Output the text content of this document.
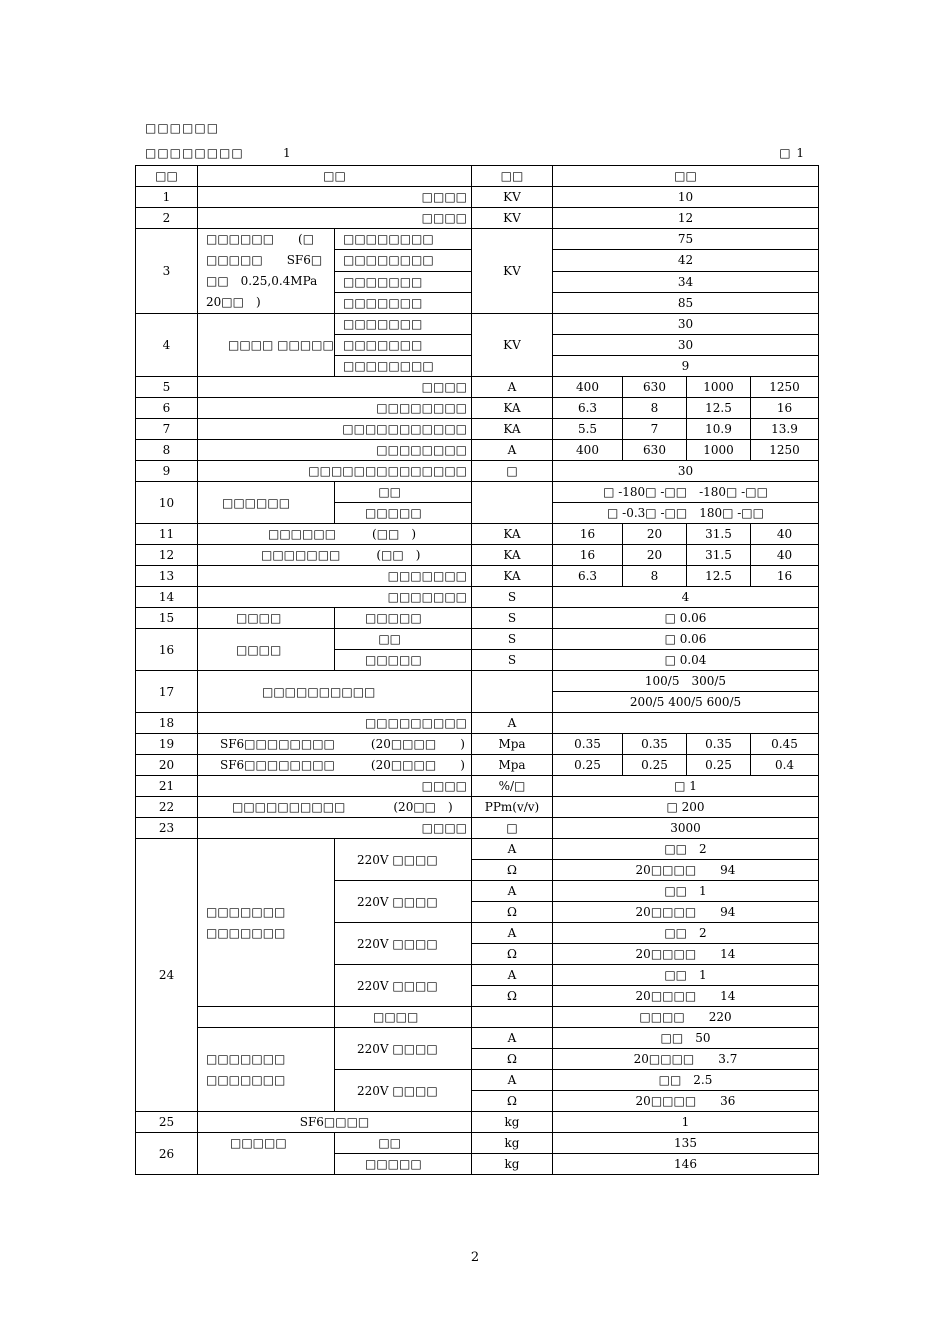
□□□□□□
□□□□□□□□	1	□ 1
□□	□□		□□	□□			
1	□□□□		KV	10			
2	□□□□		KV	12			
3	□□□□□□　　(□ □□□□□　　SF6□ □□　0.25,0.4MPa 20□□　)	□□□□□□□□	KV	75			
		□□□□□□□□		42			
		□□□□□□□		34			
		□□□□□□□		85			
4	□□□□ □□□□□	□□□□□□□	KV	30			
		□□□□□□□		30			
		□□□□□□□□		9			
5	□□□□		A	400	630	1000	1250
6	□□□□□□□□		KA	6.3	8	12.5	16
7	□□□□□□□□□□□		KA	5.5	7	10.9	13.9
8	□□□□□□□□		A	400	630	1000	1250
9	□□□□□□□□□□□□□□		□	30			
10	□□□□□□	□□		□ -180□ -□□　-180□ -□□			
		□□□□□		□ -0.3□ -□□　180□ -□□			
11	□□□□□□　　　(□□　)		KA	16	20	31.5	40
12	□□□□□□□　　　(□□　)		KA	16	20	31.5	40
13	□□□□□□□		KA	6.3	8	12.5	16
14	□□□□□□□		S	4			
15	□□□□	□□□□□	S	□ 0.06			
16	□□□□	□□	S	□ 0.06			
		□□□□□	S	□ 0.04			
17	□□□□□□□□□□			100/5　300/5			
				200/5 400/5 600/5			
18	□□□□□□□□□		A				
19	SF6□□□□□□□□　　　(20□□□□　　)		Mpa	0.35	0.35	0.35	0.45
20	SF6□□□□□□□□　　　(20□□□□　　)		Mpa	0.25	0.25	0.25	0.4
21	□□□□		%/□	□ 1			
22	□□□□□□□□□□　　　　(20□□　)		PPm(v/v)	□ 200			
23	□□□□		□	3000			
24	□□□□□□□ □□□□□□□	220V □□□□	A	□□　2			
			Ω	20□□□□　　94			
		220V □□□□	A	□□　1			
			Ω	20□□□□　　94			
		220V □□□□	A	□□　2			
			Ω	20□□□□　　14			
		220V □□□□	A	□□　1			
			Ω	20□□□□　　14			
		□□□□		□□□□　　220			
	□□□□□□□ □□□□□□□	220V □□□□	A	□□　50			
			Ω	20□□□□　　3.7			
		220V □□□□	A	□□　2.5			
			Ω	20□□□□　　36			
25	SF6□□□□		kg	1			
26	□□□□□	□□	kg	135			
		□□□□□	kg	146			
2
